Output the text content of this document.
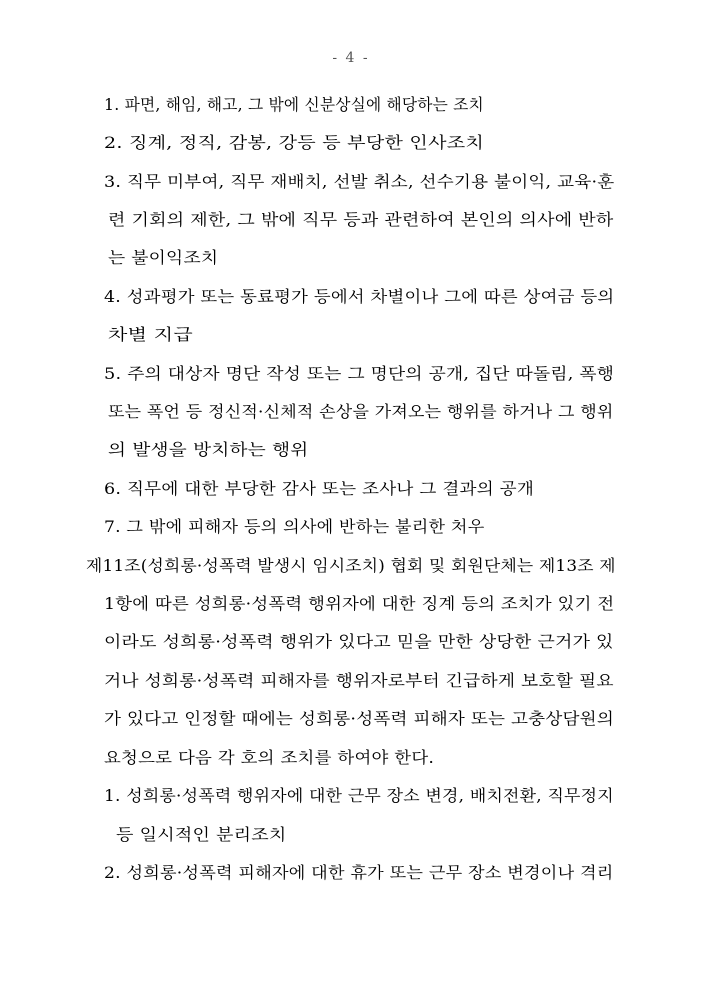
- 4 -
1. 파면, 해임, 해고, 그 밖에 신분상실에 해당하는 조치
2. 징계, 정직, 감봉, 강등 등 부당한 인사조치
3. 직무 미부여, 직무 재배치, 선발 취소, 선수기용 불이익, 교육·훈
련 기회의 제한, 그 밖에 직무 등과 관련하여 본인의 의사에 반하
는 불이익조치
4. 성과평가 또는 동료평가 등에서 차별이나 그에 따른 상여금 등의
차별 지급
5. 주의 대상자 명단 작성 또는 그 명단의 공개, 집단 따돌림, 폭행
또는 폭언 등 정신적·신체적 손상을 가져오는 행위를 하거나 그 행위
의 발생을 방치하는 행위
6. 직무에 대한 부당한 감사 또는 조사나 그 결과의 공개
7. 그 밖에 피해자 등의 의사에 반하는 불리한 처우
제11조(성희롱·성폭력 발생시 임시조치) 협회 및 회원단체는 제13조 제
1항에 따른 성희롱·성폭력 행위자에 대한 징계 등의 조치가 있기 전
이라도 성희롱·성폭력 행위가 있다고 믿을 만한 상당한 근거가 있
거나 성희롱·성폭력 피해자를 행위자로부터 긴급하게 보호할 필요
가 있다고 인정할 때에는 성희롱·성폭력 피해자 또는 고충상담원의
요청으로 다음 각 호의 조치를 하여야 한다.
1. 성희롱·성폭력 행위자에 대한 근무 장소 변경, 배치전환, 직무정지
등 일시적인 분리조치
2. 성희롱·성폭력 피해자에 대한 휴가 또는 근무 장소 변경이나 격리
